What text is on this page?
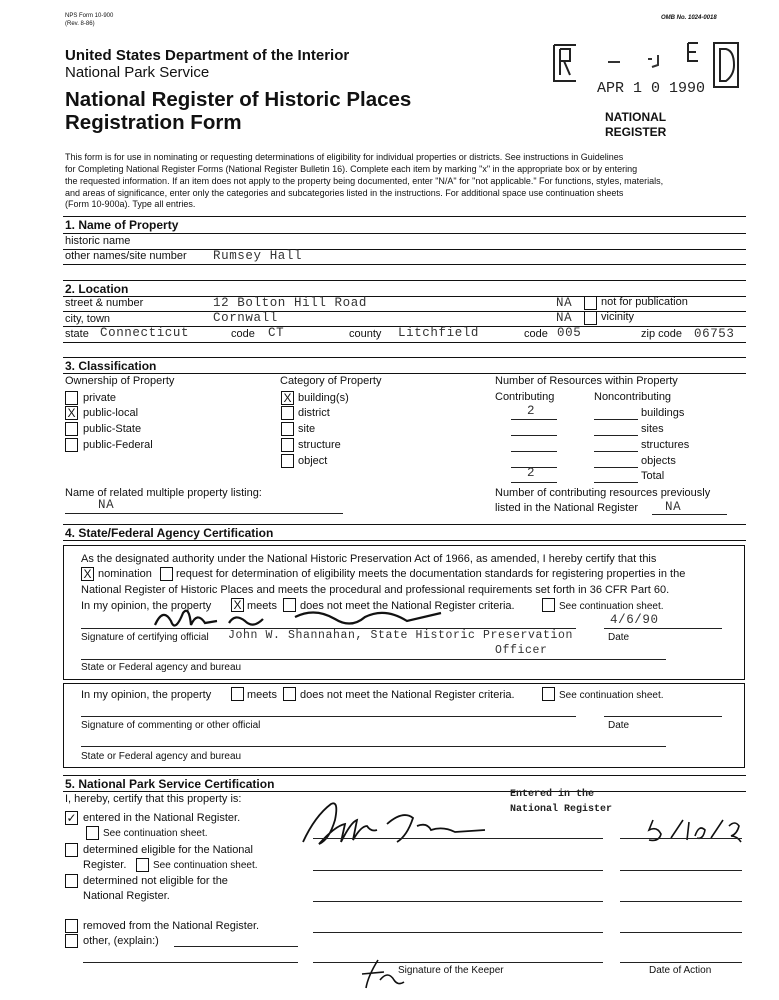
NPS Form 10-900
(Rev. 8-86)
OMB No. 1024-0018
United States Department of the Interior
National Park Service
National Register of Historic Places
Registration Form
APR 1 0 1990
NATIONAL
REGISTER
This form is for use in nominating or requesting determinations of eligibility for individual properties or districts. See instructions in Guidelines
for Completing National Register Forms (National Register Bulletin 16). Complete each item by marking "x" in the appropriate box or by entering
the requested information. If an item does not apply to the property being documented, enter "N/A" for "not applicable." For functions, styles, materials,
and areas of significance, enter only the categories and subcategories listed in the instructions. For additional space use continuation sheets
(Form 10-900a). Type all entries.
1. Name of Property
historic name
other names/site number Rumsey Hall
2. Location
street & number	12 Bolton Hill Road	NA	not for publication
city, town	Cornwall	NA	vicinity
state Connecticut	code CT	county Litchfield	code 005	zip code 06753
3. Classification
Ownership of Property
private
X public-local
public-State
public-Federal
Category of Property
X building(s)
district
site
structure
object
Number of Resources within Property
Contributing	Noncontributing
2	buildings
sites
structures
objects
2	Total
Name of related multiple property listing:
NA
Number of contributing resources previously
listed in the National Register NA
4. State/Federal Agency Certification
As the designated authority under the National Historic Preservation Act of 1966, as amended, I hereby certify that this
X nomination request for determination of eligibility meets the documentation standards for registering properties in the
National Register of Historic Places and meets the procedural and professional requirements set forth in 36 CFR Part 60.
In my opinion, the property X meets does not meet the National Register criteria.	See continuation sheet.
4/6/90
Signature of certifying official John W. Shannahan, State Historic Preservation
Officer
Date
State or Federal agency and bureau
In my opinion, the property	meets does not meet the National Register criteria.	See continuation sheet.
Signature of commenting or other official	Date
State or Federal agency and bureau
5. National Park Service Certification
I, hereby, certify that this property is:
✓ entered in the National Register.
See continuation sheet.
determined eligible for the National
Register.	See continuation sheet.
determined not eligible for the
National Register.
removed from the National Register.
other, (explain:)
Entered in the
National Register
Signature of the Keeper	Date of Action
